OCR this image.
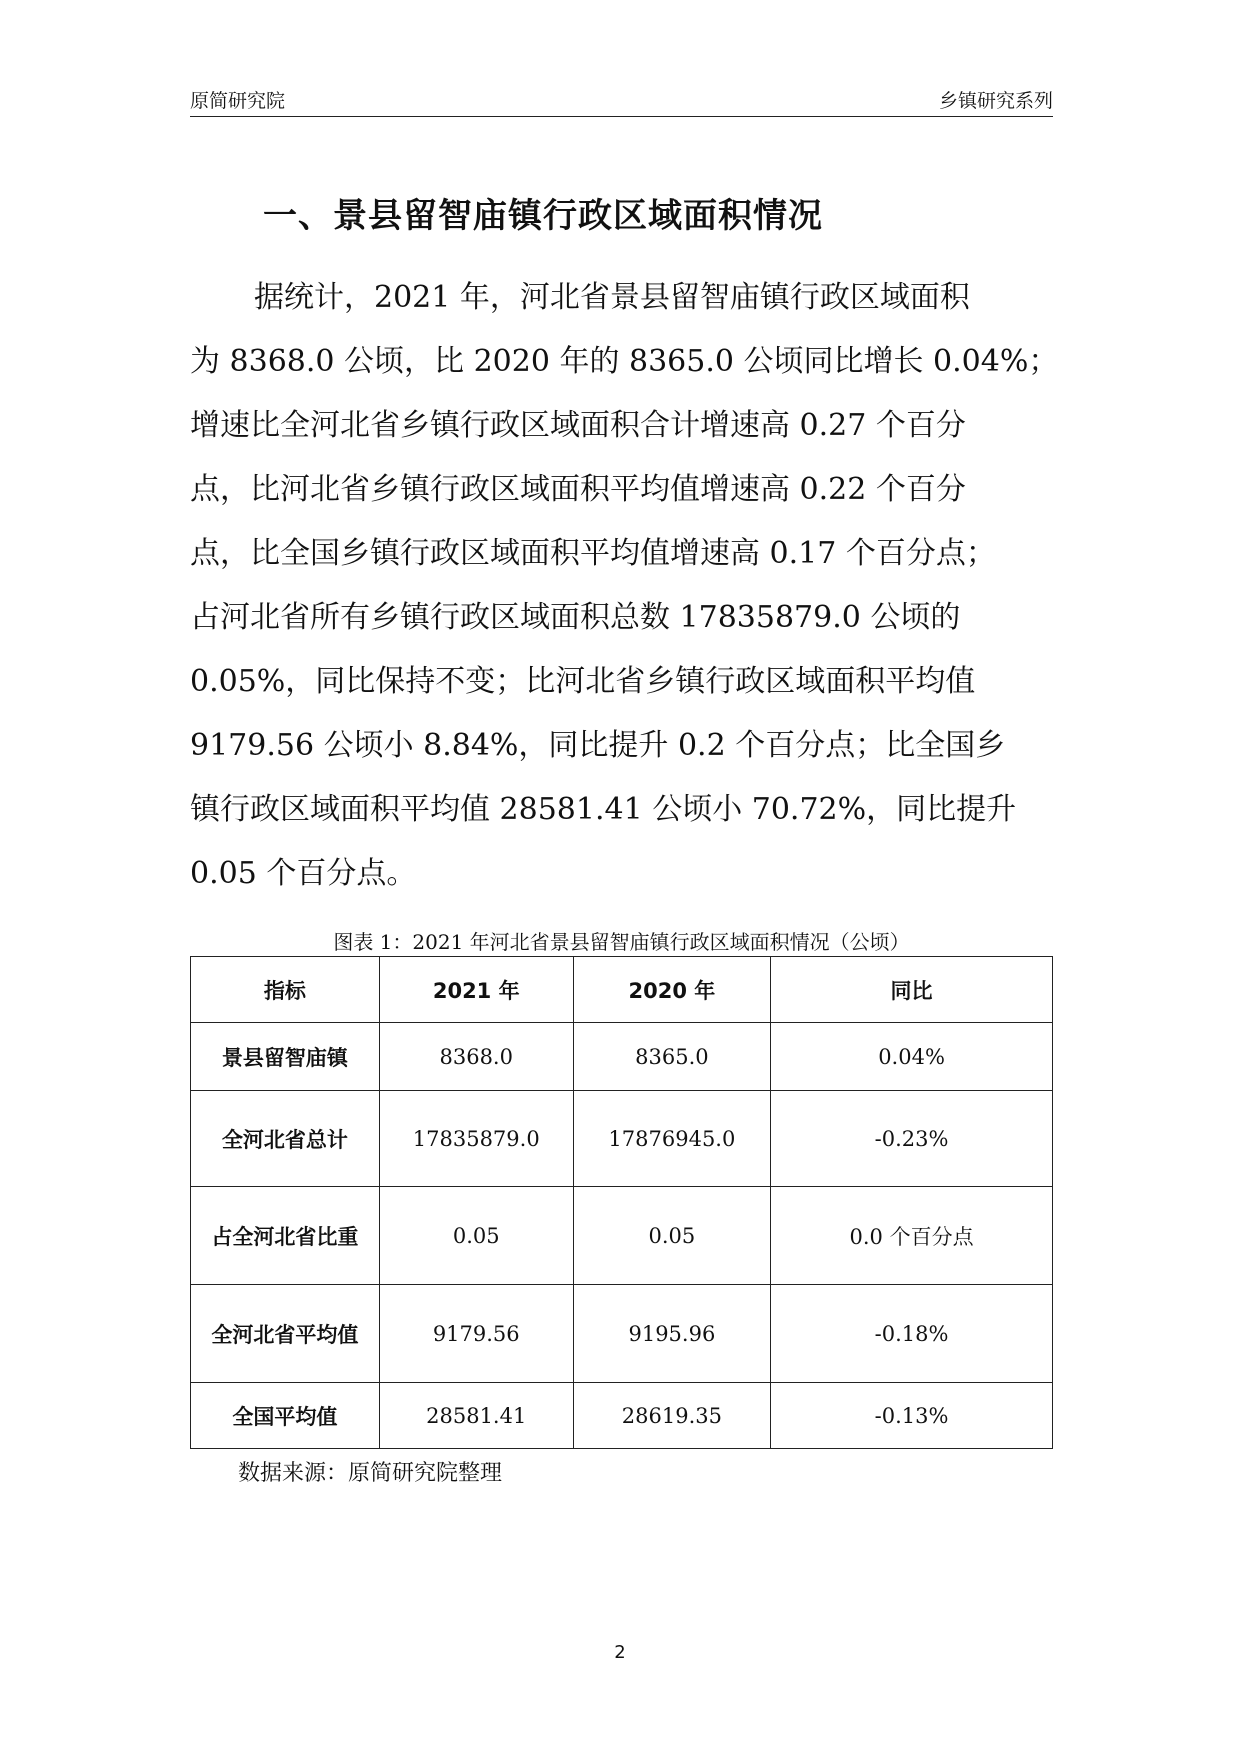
原简研究院	乡镇研究系列
一、景县留智庙镇行政区域面积情况
据统计，2021 年，河北省景县留智庙镇行政区域面积
为 8368.0 公顷，比 2020 年的 8365.0 公顷同比增长 0.04%；
增速比全河北省乡镇行政区域面积合计增速高 0.27 个百分
点，比河北省乡镇行政区域面积平均值增速高 0.22 个百分
点，比全国乡镇行政区域面积平均值增速高 0.17 个百分点；
占河北省所有乡镇行政区域面积总数 17835879.0 公顷的
0.05%，同比保持不变；比河北省乡镇行政区域面积平均值
9179.56 公顷小 8.84%，同比提升 0.2 个百分点；比全国乡
镇行政区域面积平均值 28581.41 公顷小 70.72%，同比提升
0.05 个百分点。
图表 1：2021 年河北省景县留智庙镇行政区域面积情况（公顷）
指标	2021 年	2020 年	同比
景县留智庙镇	8368.0	8365.0	0.04%
全河北省总计	17835879.0	17876945.0	-0.23%
占全河北省比重	0.05	0.05	0.0 个百分点
全河北省平均值	9179.56	9195.96	-0.18%
全国平均值	28581.41	28619.35	-0.13%
数据来源：原简研究院整理
2
